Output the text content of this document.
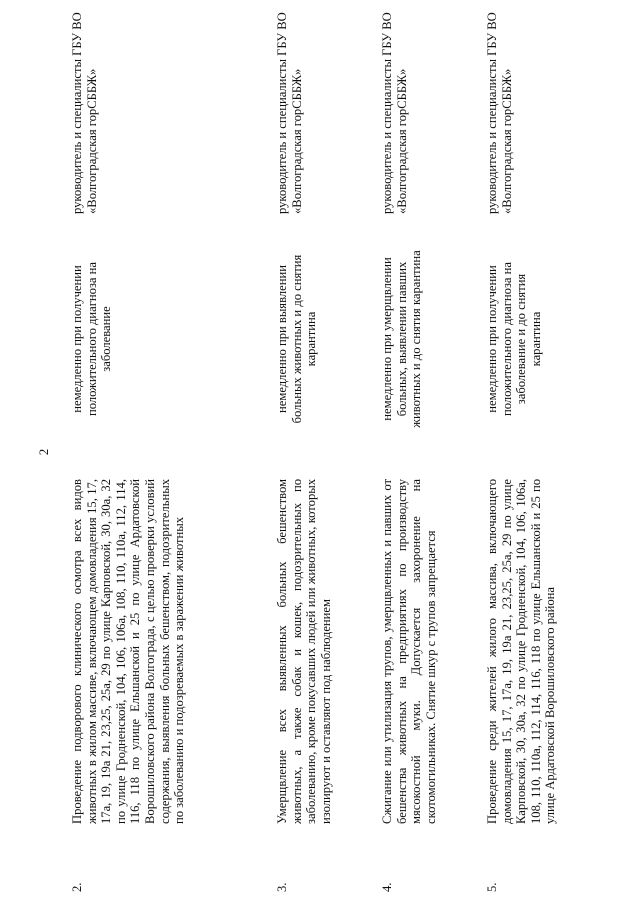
2
2.
Проведение подворового клинического осмотра всех видов животных в жилом массиве, включающем домовладения 15, 17, 17а, 19, 19а 21, 23,25, 25а, 29 по улице Карповской, 30, 30а, 32 по улице Гродненской, 104, 106, 106а, 108, 110, 110а, 112, 114, 116, 118 по улице Ельшанской и 25 по улице Ардатовской Ворошиловского района Волгограда, с целью проверки условий содержания, выявления больных бешенством, подозрительных по заболеванию и подозреваемых в заражении животных
немедленно при получении положительного диагноза на заболевание
руководитель и специалисты ГБУ ВО «Волгоградская горСББЖ»
3.
Умерщвление всех выявленных больных бешенством животных, а также собак и кошек, подозрительных по заболеванию, кроме покусавших людей или животных, которых изолируют и оставляют под наблюдением
немедленно при выявлении больных животных и до снятия карантина
руководитель и специалисты ГБУ ВО «Волгоградская горСББЖ»
4.
Сжигание или утилизация трупов, умерщвленных и павших от бешенства животных на предприятиях по производству мясокостной муки. Допускается захоронение на скотомогильниках. Снятие шкур с трупов запрещается
немедленно при умерщвлении больных, выявлении павших животных и до снятия карантина
руководитель и специалисты ГБУ ВО «Волгоградская горСББЖ»
5.
Проведение среди жителей жилого массива, включающего домовладения 15, 17, 17а, 19, 19а 21, 23,25, 25а, 29 по улице Карповской, 30, 30а, 32 по улице Гродненской, 104, 106, 106а, 108, 110, 110а, 112, 114, 116, 118 по улице Ельшанской и 25 по улице Ардатовской Ворошиловского района
немедленно при получении положительного диагноза на заболевание и до снятия карантина
руководитель и специалисты ГБУ ВО «Волгоградская горСББЖ»
